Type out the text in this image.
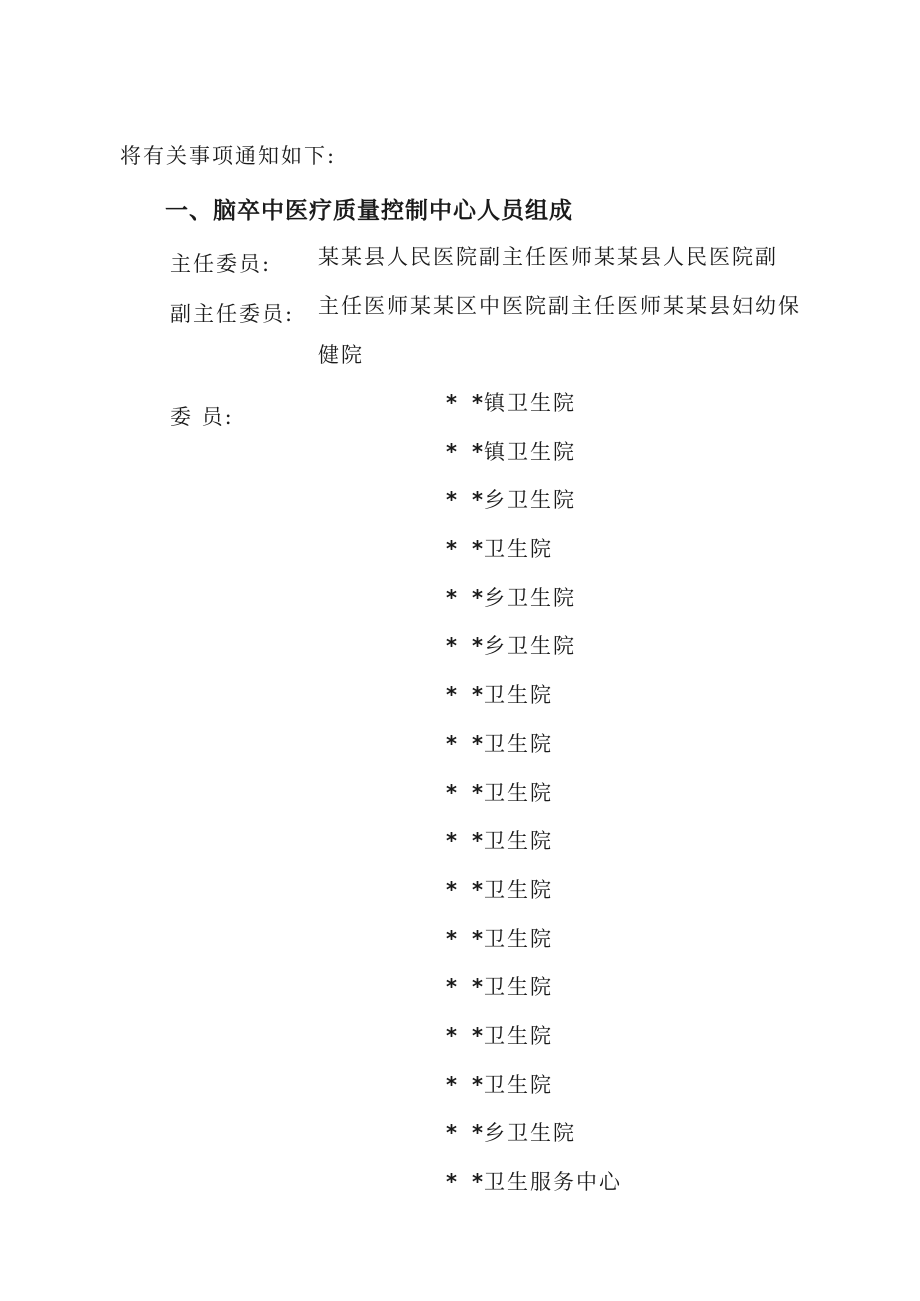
将有关事项通知如下:
一、脑卒中医疗质量控制中心人员组成
主任委员: 某某县人民医院副主任医师某某县人民医院副
副主任委员: 主任医师某某区中医院副主任医师某某县妇幼保
健院
委 员:
* *镇卫生院
* *镇卫生院
* *乡卫生院
* *卫生院
* *乡卫生院
* *乡卫生院
* *卫生院
* *卫生院
* *卫生院
* *卫生院
* *卫生院
* *卫生院
* *卫生院
* *卫生院
* *卫生院
* *乡卫生院
* *卫生服务中心
